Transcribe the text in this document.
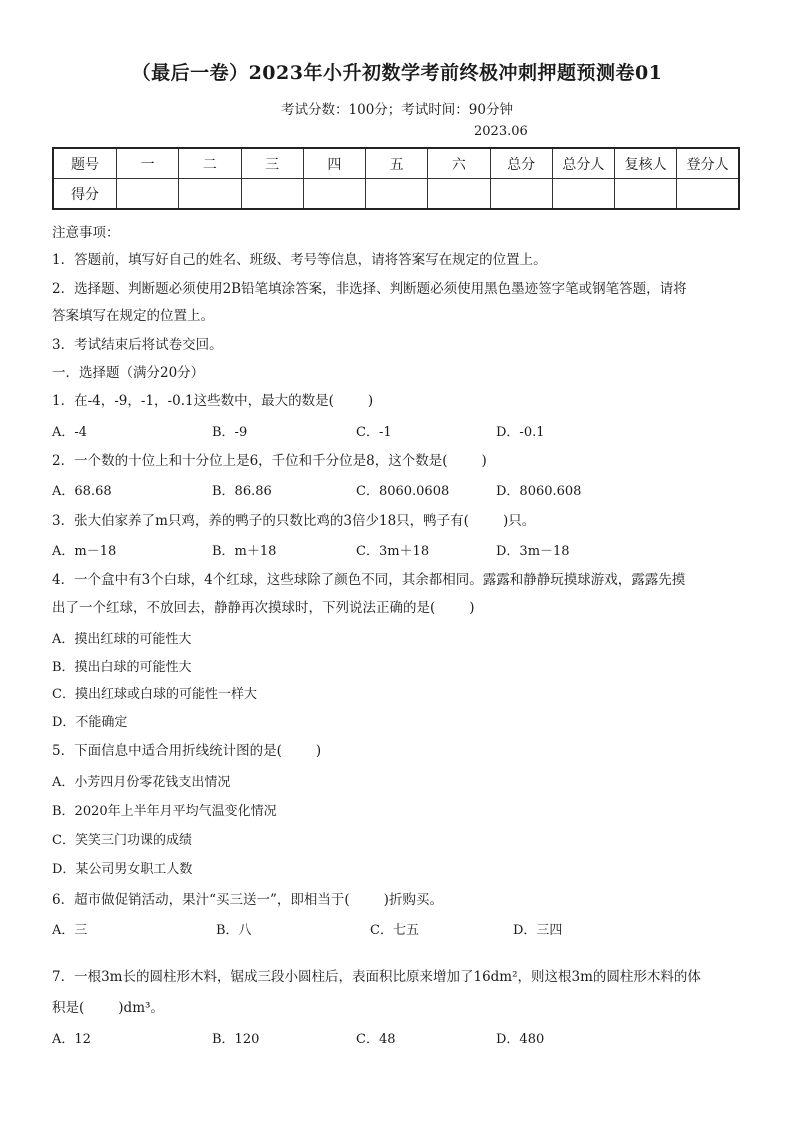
（最后一卷）2023年小升初数学考前终极冲刺押题预测卷01
考试分数：100分；考试时间：90分钟
2023.06
题号	一	二	三	四	五	六	总分	总分人	复核人	登分人
得分										
注意事项：
1．答题前，填写好自己的姓名、班级、考号等信息，请将答案写在规定的位置上。
2．选择题、判断题必须使用2B铅笔填涂答案，非选择、判断题必须使用黑色墨迹签字笔或钢笔答题，请将
答案填写在规定的位置上。
3．考试结束后将试卷交回。
一．选择题（满分20分）
1．在-4，-9，-1，-0.1这些数中，最大的数是(	)
A．-4	B．-9	C．-1	D．-0.1
2．一个数的十位上和十分位上是6，千位和千分位是8，这个数是(	)
A．68.68	B．86.86	C．8060.0608	D．8060.608
3．张大伯家养了m只鸡，养的鸭子的只数比鸡的3倍少18只，鸭子有(	)只。
A．m－18	B．m＋18	C．3m＋18	D．3m－18
4．一个盒中有3个白球，4个红球，这些球除了颜色不同，其余都相同。露露和静静玩摸球游戏，露露先摸
出了一个红球，不放回去，静静再次摸球时，下列说法正确的是(	)
A．摸出红球的可能性大
B．摸出白球的可能性大
C．摸出红球或白球的可能性一样大
D．不能确定
5．下面信息中适合用折线统计图的是(	)
A．小芳四月份零花钱支出情况
B．2020年上半年月平均气温变化情况
C．笑笑三门功课的成绩
D．某公司男女职工人数
6．超市做促销活动，果汁“买三送一”，即相当于(	)折购买。
A．三	B．八	C．七五	D．三四
7．一根3m长的圆柱形木料，锯成三段小圆柱后，表面积比原来增加了16dm²，则这根3m的圆柱形木料的体
积是(	)dm³。
A．12	B．120	C．48	D．480
